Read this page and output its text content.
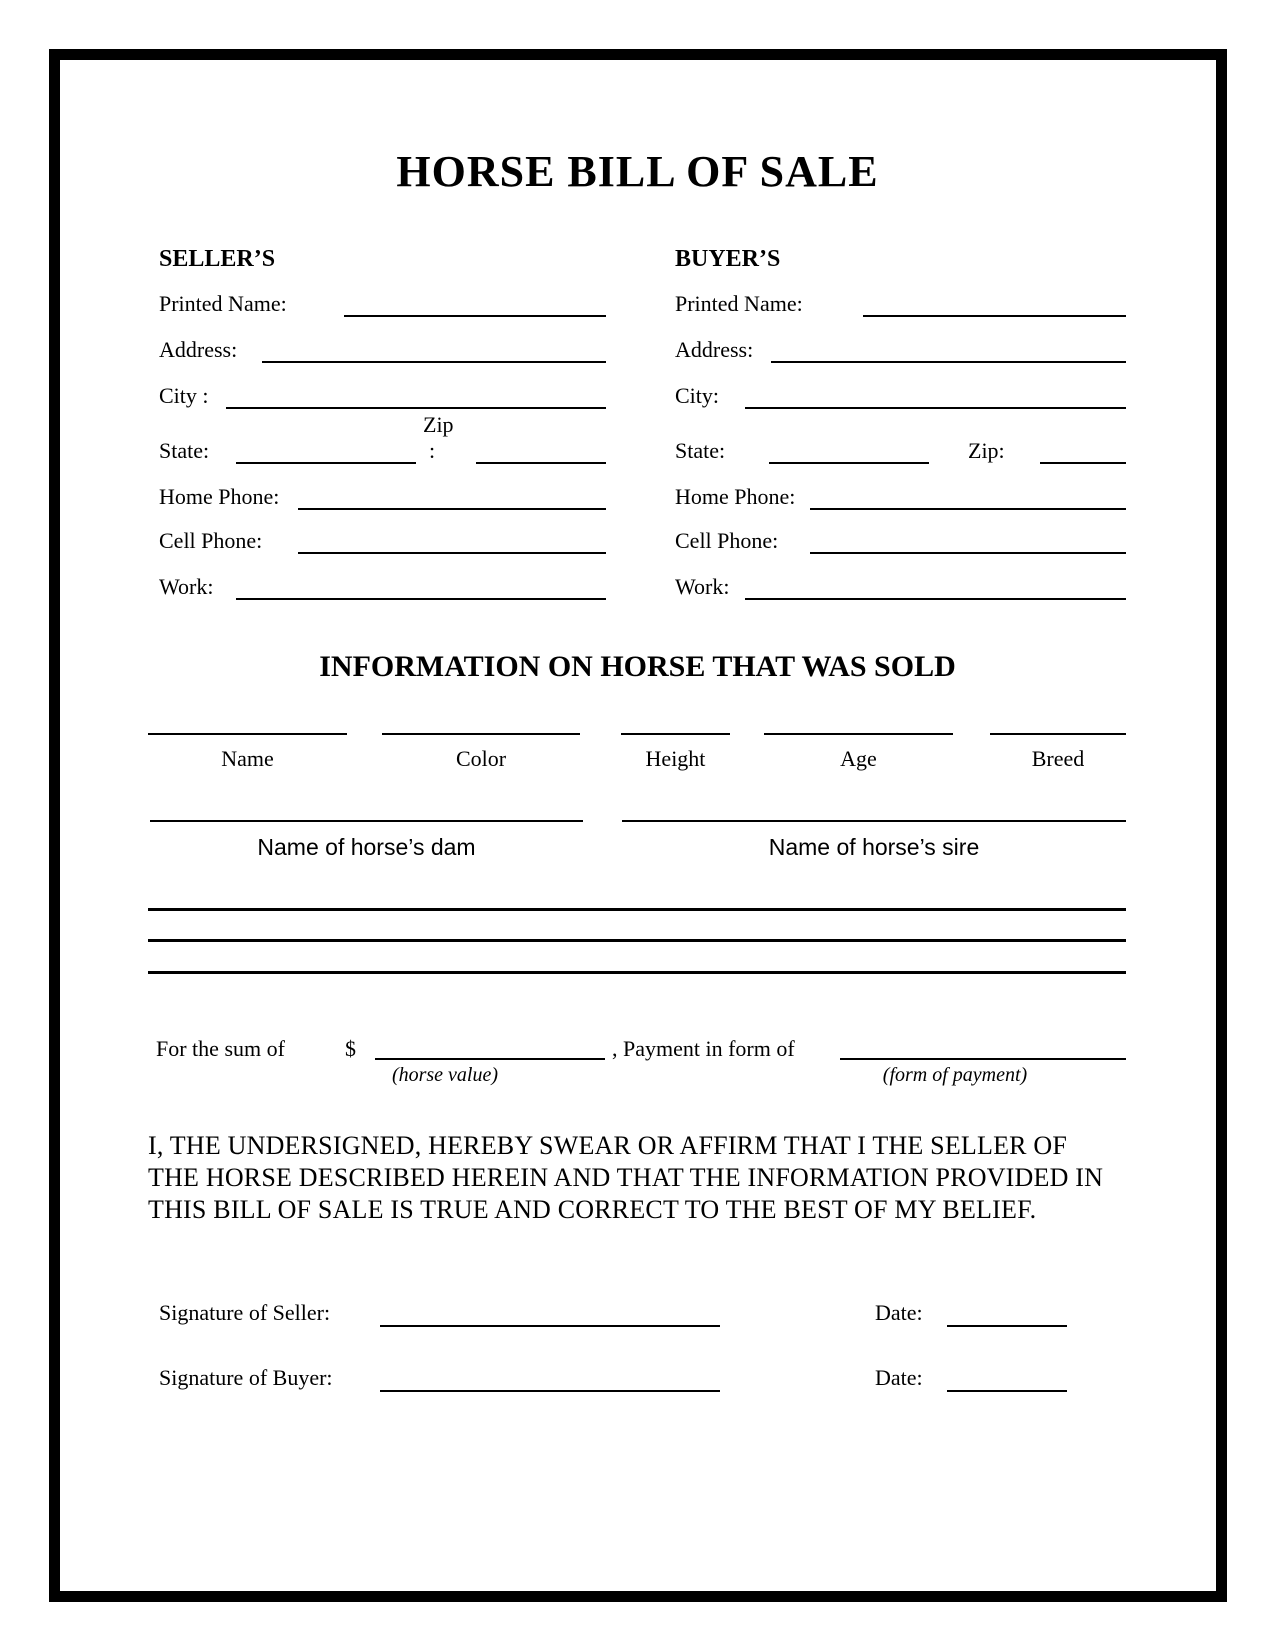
HORSE BILL OF SALE
SELLER’S
Printed Name:
Address:
City :
Zip
State:	:
Home Phone:
Cell Phone:
Work:
BUYER’S
Printed Name:
Address:
City:
State:	Zip:
Home Phone:
Cell Phone:
Work:
INFORMATION ON HORSE THAT WAS SOLD
Name	Color	Height	Age	Breed
Name of horse’s dam	Name of horse’s sire
For the sum of	$
(horse value)
, Payment in form of
(form of payment)
I, THE UNDERSIGNED, HEREBY SWEAR OR AFFIRM THAT I THE SELLER OF THE HORSE DESCRIBED HEREIN AND THAT THE INFORMATION PROVIDED IN THIS BILL OF SALE IS TRUE AND CORRECT TO THE BEST OF MY BELIEF.
Signature of Seller:	Date:
Signature of Buyer:	Date:
